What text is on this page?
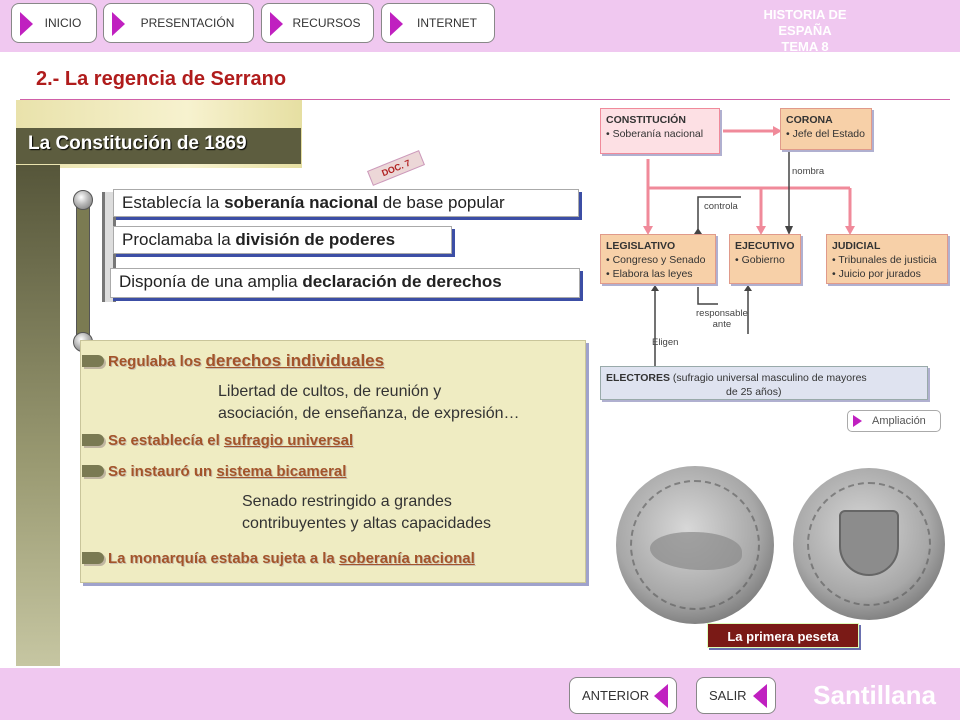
INICIO	PRESENTACIÓN	RECURSOS	INTERNET
HISTORIA DE ESPAÑA
TEMA 8
2.- La regencia de Serrano
La Constitución de 1869
DOC. 7
Establecía la soberanía nacional de base popular
Proclamaba la división de poderes
Disponía de una amplia declaración de derechos
Regulaba los derechos individuales
Libertad de cultos, de reunión y
asociación, de enseñanza, de expresión…
Se establecía el sufragio universal
Se instauró un sistema bicameral
Senado restringido a grandes
contribuyentes y altas capacidades
La monarquía estaba sujeta a la soberanía nacional
CONSTITUCIÓN
• Soberanía nacional
CORONA
• Jefe del Estado
nombra
controla
LEGISLATIVO
• Congreso y Senado
• Elabora las leyes
EJECUTIVO
• Gobierno
JUDICIAL
• Tribunales de justicia
• Juicio por jurados
responsable
ante
Eligen
ELECTORES (sufragio universal masculino de mayores
de 25 años)
Ampliación
La primera peseta
ANTERIOR	SALIR	Santillana
